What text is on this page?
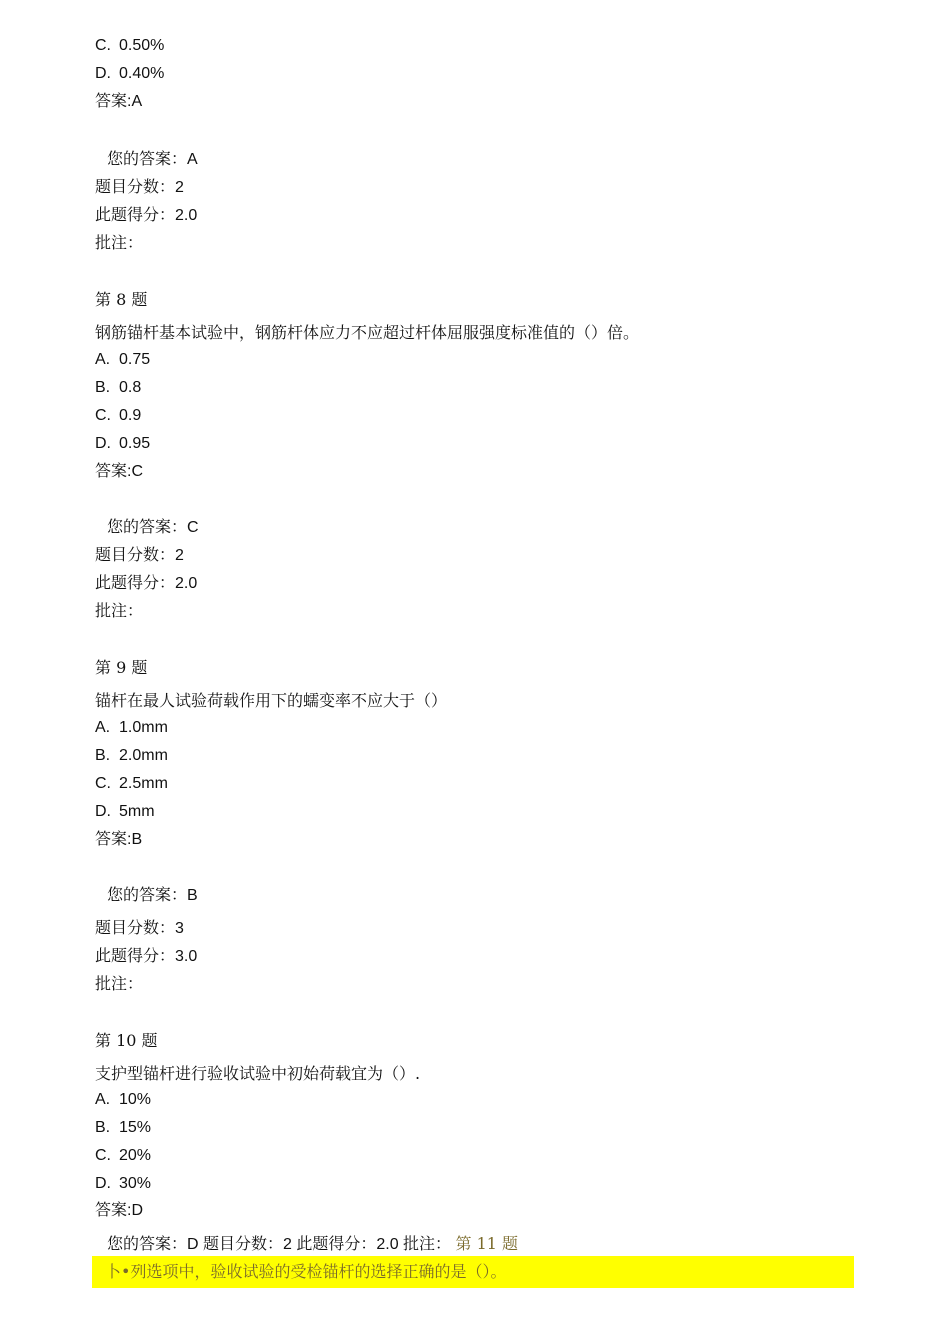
C. 0.50%
D. 0.40%
答案:A
您的答案：A
题目分数：2
此题得分：2.0
批注：
第 8 题
钢筋锚杆基本试验中，钢筋杆体应力不应超过杆体屈服强度标准值的（）倍。
A. 0.75
B. 0.8
C. 0.9
D. 0.95
答案:C
您的答案：C
题目分数：2
此题得分：2.0
批注：
第 9 题
锚杆在最人试验荷载作用下的蠕变率不应大于（）
A. 1.0mm
B. 2.0mm
C. 2.5mm
D. 5mm
答案:B
您的答案：B
题目分数：3
此题得分：3.0
批注：
第 10 题
支护型锚杆进行验收试验中初始荷载宜为（）.
A. 10%
B. 15%
C. 20%
D. 30%
答案:D
您的答案：D 题目分数：2 此题得分：2.0 批注： 第 11 题
卜•列选项中，验收试验的受检锚杆的选择正确的是（）。
